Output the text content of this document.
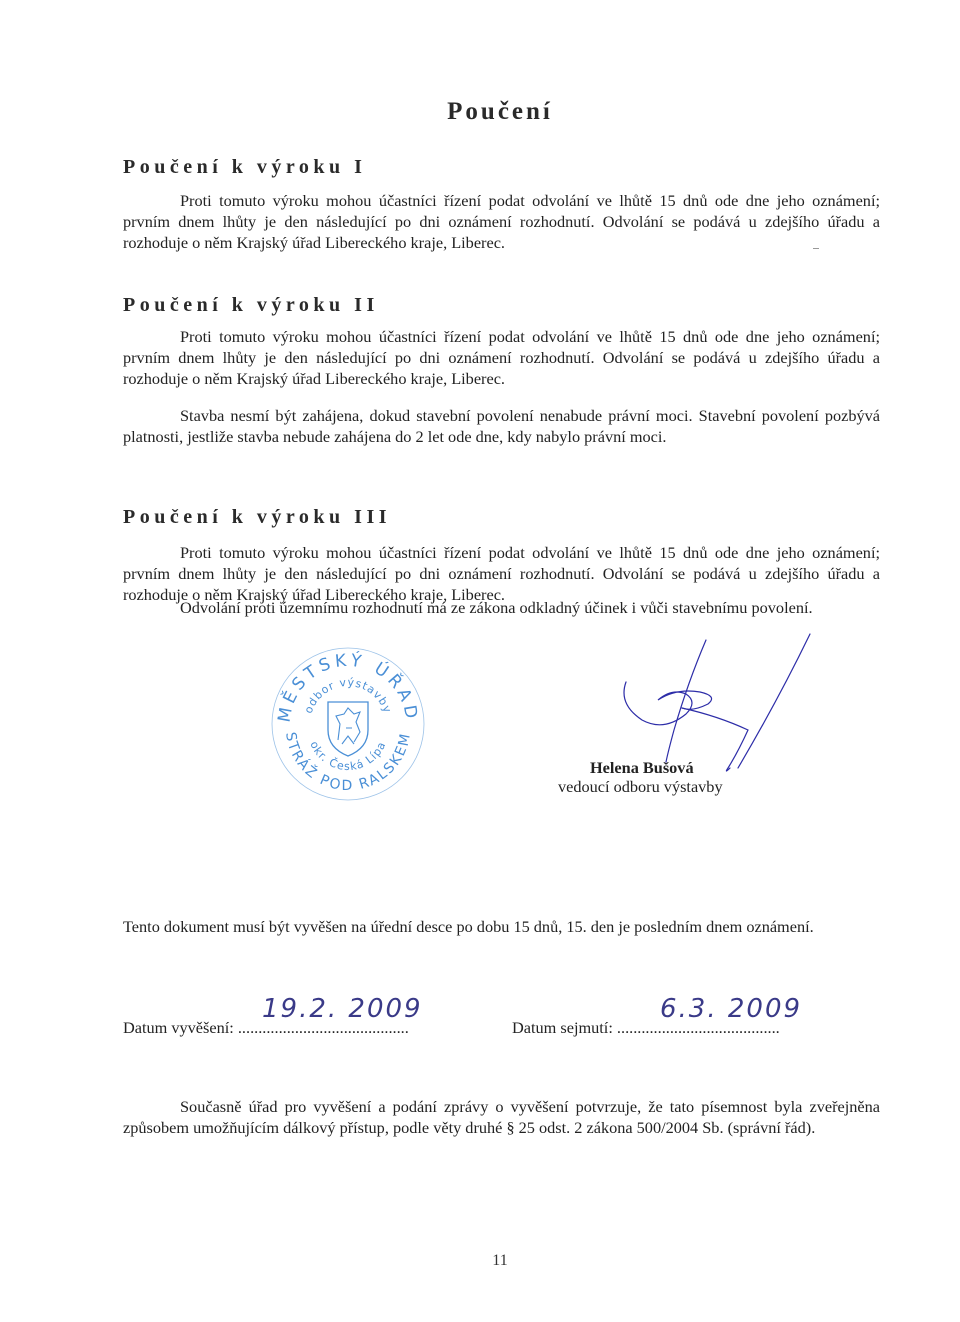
Poučení
Poučení k výroku I
Proti tomuto výroku mohou účastníci řízení podat odvolání ve lhůtě 15 dnů ode dne jeho oznámení; prvním dnem lhůty je den následující po dni oznámení rozhodnutí. Odvolání se podává u zdejšího úřadu a rozhoduje o něm Krajský úřad Libereckého kraje, Liberec.
Poučení k výroku II
Proti tomuto výroku mohou účastníci řízení podat odvolání ve lhůtě 15 dnů ode dne jeho oznámení; prvním dnem lhůty je den následující po dni oznámení rozhodnutí. Odvolání se podává u zdejšího úřadu a rozhoduje o něm Krajský úřad Libereckého kraje, Liberec.
Stavba nesmí být zahájena, dokud stavební povolení nenabude právní moci. Stavební povolení pozbývá platnosti, jestliže stavba nebude zahájena do 2 let ode dne, kdy nabylo právní moci.
Poučení k výroku III
Proti tomuto výroku mohou účastníci řízení podat odvolání ve lhůtě 15 dnů ode dne jeho oznámení; prvním dnem lhůty je den následující po dni oznámení rozhodnutí. Odvolání se podává u zdejšího úřadu a rozhoduje o něm Krajský úřad Libereckého kraje, Liberec.
Odvolání proti územnímu rozhodnutí má ze zákona odkladný účinek i vůči stavebnímu povolení.
MĚSTSKÝ ÚŘAD
odbor výstavby
okr. Česká Lípa
STRÁŽ POD RALSKEM
Helena Bušová
vedoucí odboru výstavby
Tento dokument musí být vyvěšen na úřední desce po dobu 15 dnů, 15. den je posledním dnem oznámení.
Datum vyvěšení: ..........................................
19.2. 2009
Datum sejmutí: ........................................
6.3. 2009
Současně úřad pro vyvěšení a podání zprávy o vyvěšení potvrzuje, že tato písemnost byla zveřejněna způsobem umožňujícím dálkový přístup, podle věty druhé § 25 odst. 2 zákona 500/2004 Sb. (správní řád).
11
